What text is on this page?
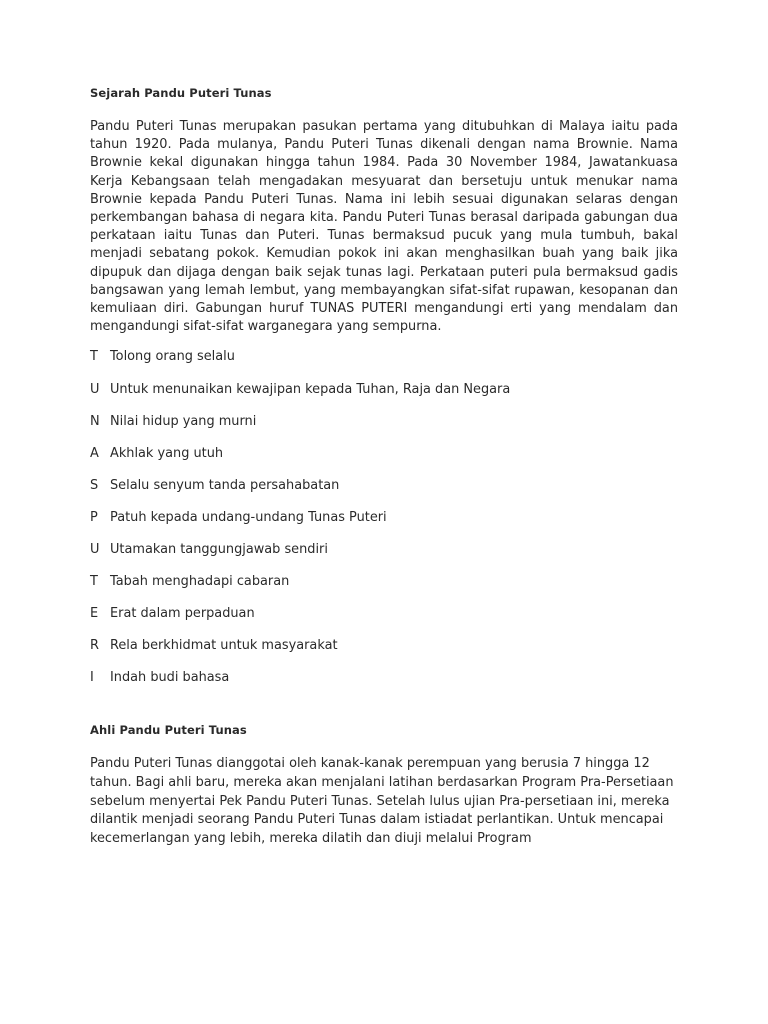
Sejarah Pandu Puteri Tunas

Pandu Puteri Tunas merupakan pasukan pertama yang ditubuhkan di Malaya iaitu pada tahun 1920. Pada mulanya, Pandu Puteri Tunas dikenali dengan nama Brownie. Nama Brownie kekal digunakan hingga tahun 1984. Pada 30 November 1984, Jawatankuasa Kerja Kebangsaan telah mengadakan mesyuarat dan bersetuju untuk menukar nama Brownie kepada Pandu Puteri Tunas. Nama ini lebih sesuai digunakan selaras dengan perkembangan bahasa di negara kita. Pandu Puteri Tunas berasal daripada gabungan dua perkataan iaitu Tunas dan Puteri. Tunas bermaksud pucuk yang mula tumbuh, bakal menjadi sebatang pokok. Kemudian pokok ini akan menghasilkan buah yang baik jika dipupuk dan dijaga dengan baik sejak tunas lagi. Perkataan puteri pula bermaksud gadis bangsawan yang lemah lembut, yang membayangkan sifat-sifat rupawan, kesopanan dan kemuliaan diri. Gabungan huruf TUNAS PUTERI mengandungi erti yang mendalam dan mengandungi sifat-sifat warganegara yang sempurna.

T Tolong orang selalu
U Untuk menunaikan kewajipan kepada Tuhan, Raja dan Negara
N Nilai hidup yang murni
A Akhlak yang utuh
S Selalu senyum tanda persahabatan
P Patuh kepada undang-undang Tunas Puteri
U Utamakan tanggungjawab sendiri
T Tabah menghadapi cabaran
E Erat dalam perpaduan
R Rela berkhidmat untuk masyarakat
I Indah budi bahasa
Ahli Pandu Puteri Tunas

Pandu Puteri Tunas dianggotai oleh kanak-kanak perempuan yang berusia 7 hingga 12 tahun. Bagi ahli baru, mereka akan menjalani latihan berdasarkan Program Pra-Persetiaan sebelum menyertai Pek Pandu Puteri Tunas. Setelah lulus ujian Pra-persetiaan ini, mereka dilantik menjadi seorang Pandu Puteri Tunas dalam istiadat perlantikan. Untuk mencapai kecemerlangan yang lebih, mereka dilatih dan diuji melalui Program
